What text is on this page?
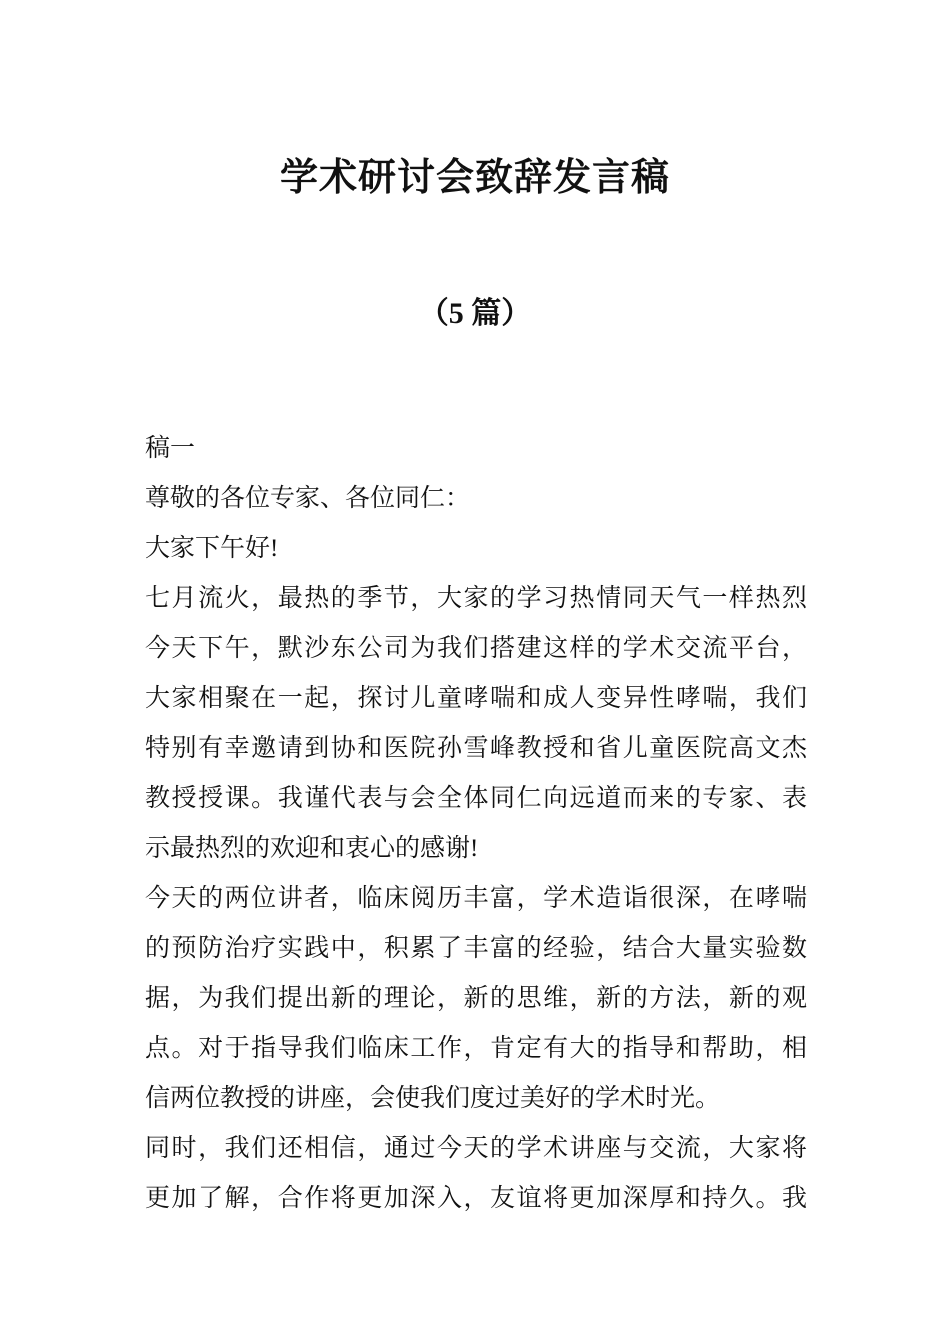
学术研讨会致辞发言稿
（5 篇）
稿一
尊敬的各位专家、各位同仁：
大家下午好!
七月流火，最热的季节，大家的学习热情同天气一样热烈
今天下午，默沙东公司为我们搭建这样的学术交流平台，
大家相聚在一起，探讨儿童哮喘和成人变异性哮喘，我们
特别有幸邀请到协和医院孙雪峰教授和省儿童医院高文杰
教授授课。我谨代表与会全体同仁向远道而来的专家、表
示最热烈的欢迎和衷心的感谢!
今天的两位讲者，临床阅历丰富，学术造诣很深，在哮喘
的预防治疗实践中，积累了丰富的经验，结合大量实验数
据，为我们提出新的理论，新的思维，新的方法，新的观
点。对于指导我们临床工作，肯定有大的指导和帮助，相
信两位教授的讲座，会使我们度过美好的学术时光。
同时，我们还相信，通过今天的学术讲座与交流，大家将
更加了解，合作将更加深入，友谊将更加深厚和持久。我
